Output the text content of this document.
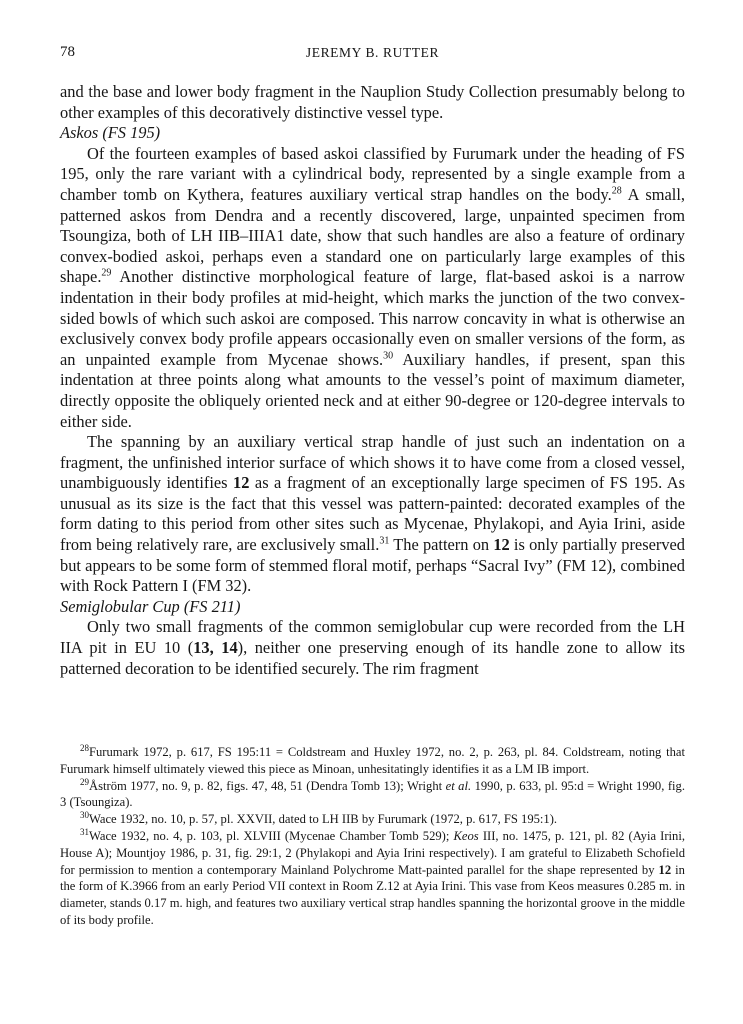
78	JEREMY B. RUTTER

and the base and lower body fragment in the Nauplion Study Collection presumably belong to other examples of this decoratively distinctive vessel type.

Askos (FS 195)

Of the fourteen examples of based askoi classified by Furumark under the heading of FS 195, only the rare variant with a cylindrical body, represented by a single example from a chamber tomb on Kythera, features auxiliary vertical strap handles on the body.$^{28}$ A small, patterned askos from Dendra and a recently discovered, large, unpainted specimen from Tsoungiza, both of LH IIB–IIIA1 date, show that such handles are also a feature of ordinary convex-bodied askoi, perhaps even a standard one on particularly large examples of this shape.$^{29}$ Another distinctive morphological feature of large, flat-based askoi is a narrow indentation in their body profiles at mid-height, which marks the junction of the two convex-sided bowls of which such askoi are composed. This narrow concavity in what is otherwise an exclusively convex body profile appears occasionally even on smaller versions of the form, as an unpainted example from Mycenae shows.$^{30}$ Auxiliary handles, if present, span this indentation at three points along what amounts to the vessel’s point of maximum diameter, directly opposite the obliquely oriented neck and at either 90-degree or 120-degree intervals to either side.

The spanning by an auxiliary vertical strap handle of just such an indentation on a fragment, the unfinished interior surface of which shows it to have come from a closed vessel, unambiguously identifies 12 as a fragment of an exceptionally large specimen of FS 195. As unusual as its size is the fact that this vessel was pattern-painted: decorated examples of the form dating to this period from other sites such as Mycenae, Phylakopi, and Ayia Irini, aside from being relatively rare, are exclusively small.$^{31}$ The pattern on 12 is only partially preserved but appears to be some form of stemmed floral motif, perhaps “Sacral Ivy” (FM 12), combined with Rock Pattern I (FM 32).

Semiglobular Cup (FS 211)

Only two small fragments of the common semiglobular cup were recorded from the LH IIA pit in EU 10 (13, 14), neither one preserving enough of its handle zone to allow its patterned decoration to be identified securely. The rim fragment

$^{28}$Furumark 1972, p. 617, FS 195:11 = Coldstream and Huxley 1972, no. 2, p. 263, pl. 84. Coldstream, noting that Furumark himself ultimately viewed this piece as Minoan, unhesitatingly identifies it as a LM IB import.

$^{29}$Åström 1977, no. 9, p. 82, figs. 47, 48, 51 (Dendra Tomb 13); Wright et al. 1990, p. 633, pl. 95:d = Wright 1990, fig. 3 (Tsoungiza).

$^{30}$Wace 1932, no. 10, p. 57, pl. XXVII, dated to LH IIB by Furumark (1972, p. 617, FS 195:1).

$^{31}$Wace 1932, no. 4, p. 103, pl. XLVIII (Mycenae Chamber Tomb 529); Keos III, no. 1475, p. 121, pl. 82 (Ayia Irini, House A); Mountjoy 1986, p. 31, fig. 29:1, 2 (Phylakopi and Ayia Irini respectively). I am grateful to Elizabeth Schofield for permission to mention a contemporary Mainland Polychrome Matt-painted parallel for the shape represented by 12 in the form of K.3966 from an early Period VII context in Room Z.12 at Ayia Irini. This vase from Keos measures 0.285 m. in diameter, stands 0.17 m. high, and features two auxiliary vertical strap handles spanning the horizontal groove in the middle of its body profile.
